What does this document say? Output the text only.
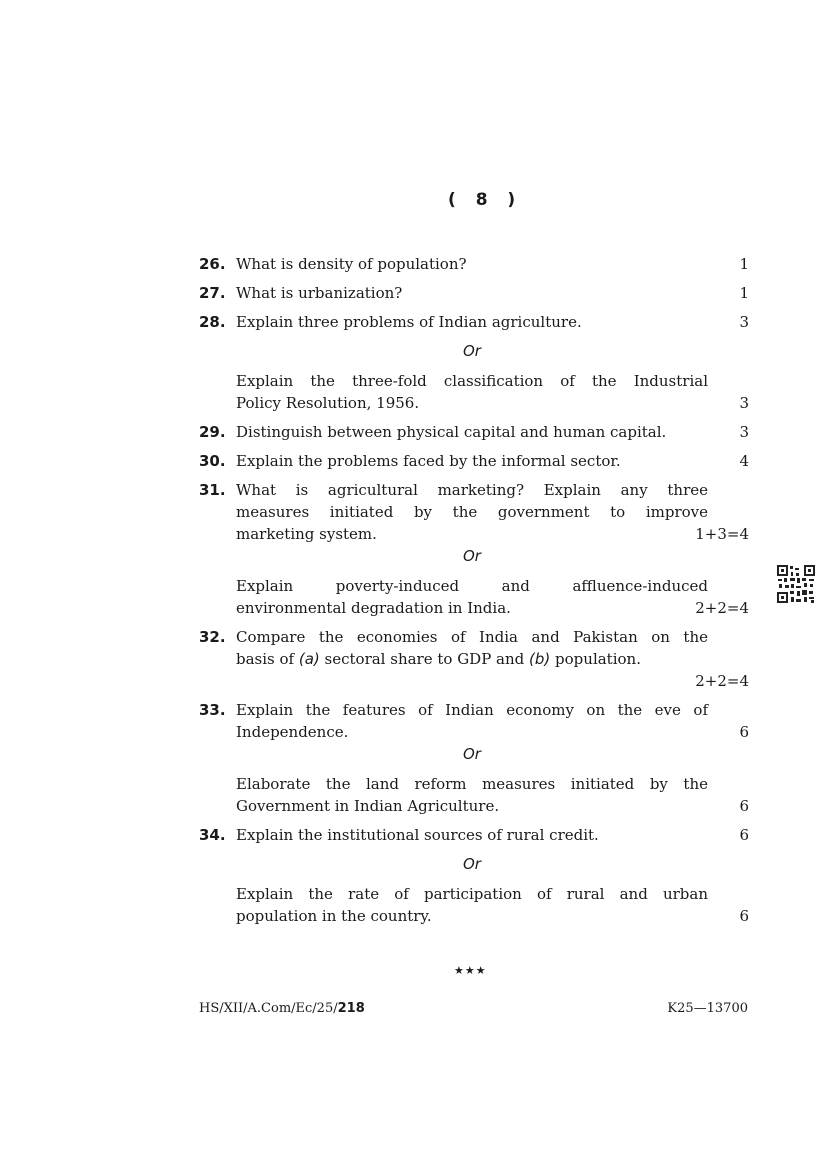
( 8 )
26. What is density of population?	1
27. What is urbanization?	1
28. Explain three problems of Indian agriculture.	3
Or
Explain the three-fold classification of the Industrial
Policy Resolution, 1956.	3
29. Distinguish between physical capital and human capital.	3
30. Explain the problems faced by the informal sector.	4
31. What is agricultural marketing? Explain any three
measures initiated by the government to improve
marketing system.	1+3=4
Or
Explain poverty-induced and affluence-induced
environmental degradation in India.	2+2=4
32. Compare the economies of India and Pakistan on the
basis of (a) sectoral share to GDP and (b) population.
2+2=4
33. Explain the features of Indian economy on the eve of
Independence.	6
Or
Elaborate the land reform measures initiated by the
Government in Indian Agriculture.	6
34. Explain the institutional sources of rural credit.	6
Or
Explain the rate of participation of rural and urban
population in the country.	6
★★★
HS/XII/A.Com/Ec/25/218	K25—13700
